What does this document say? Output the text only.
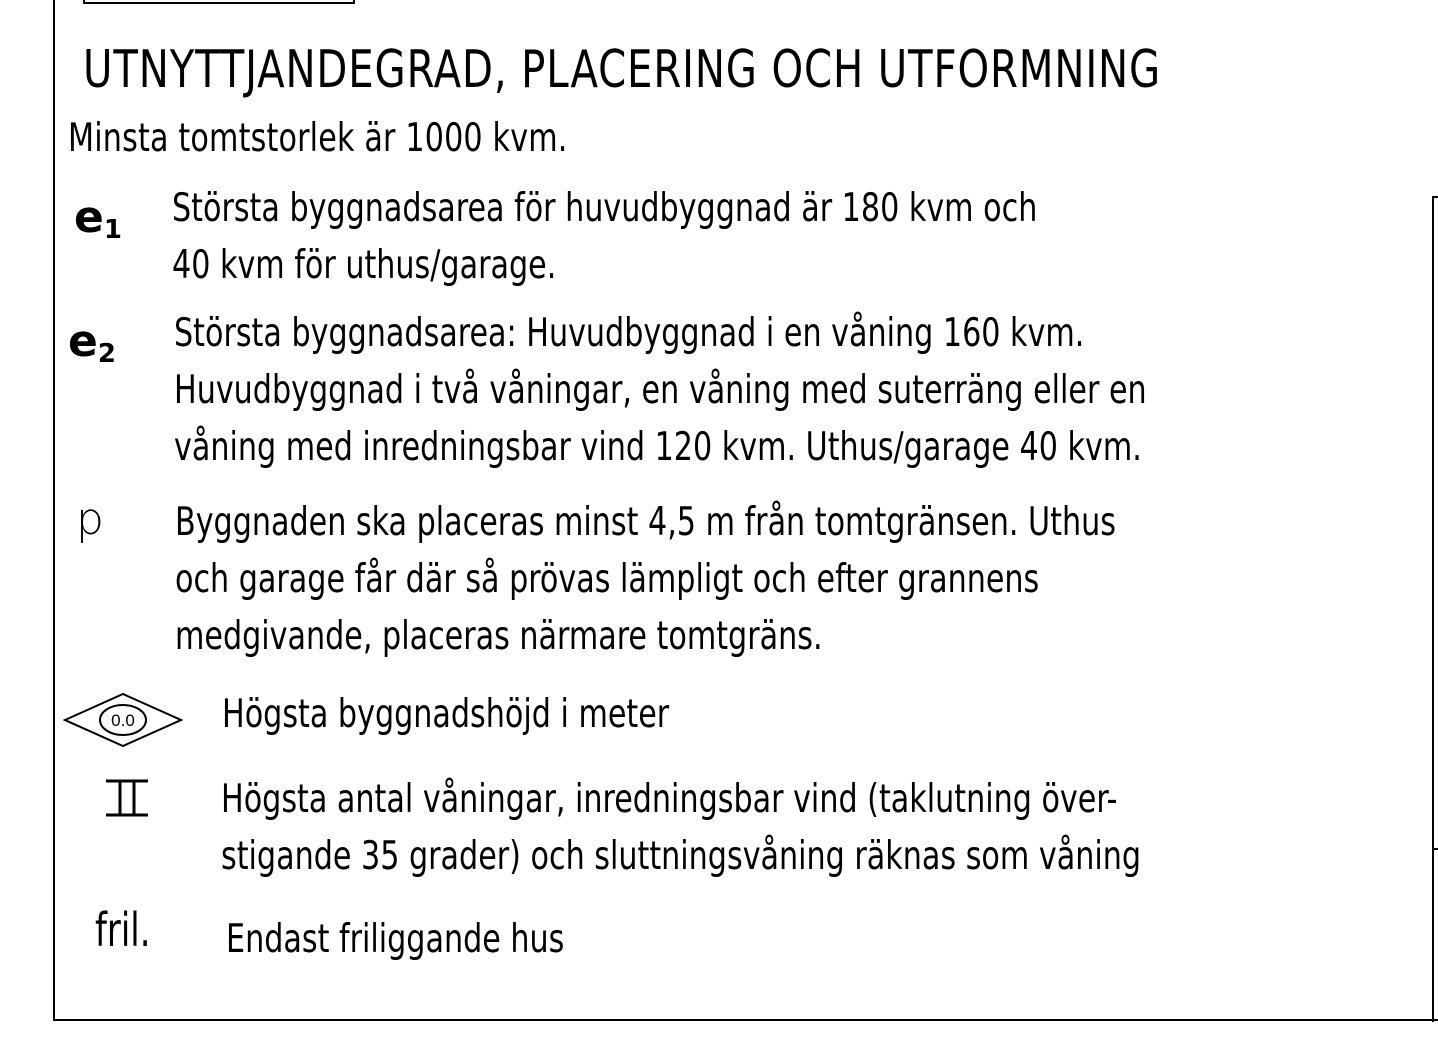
UTNYTTJANDEGRAD, PLACERING OCH UTFORMNING
Minsta tomtstorlek är 1000 kvm.
$e_1$ Största byggnadsarea för huvudbyggnad är 180 kvm och
40 kvm för uthus/garage.
$e_2$ Största byggnadsarea: Huvudbyggnad i en våning 160 kvm.
Huvudbyggnad i två våningar, en våning med suterräng eller en
våning med inredningsbar vind 120 kvm. Uthus/garage 40 kvm.
p Byggnaden ska placeras minst 4,5 m från tomtgränsen. Uthus
och garage får där så prövas lämpligt och efter grannens
medgivande, placeras närmare tomtgräns.
0.0 Högsta byggnadshöjd i meter
Högsta antal våningar, inredningsbar vind (taklutning över-
stigande 35 grader) och sluttningsvåning räknas som våning
fril. Endast friliggande hus
